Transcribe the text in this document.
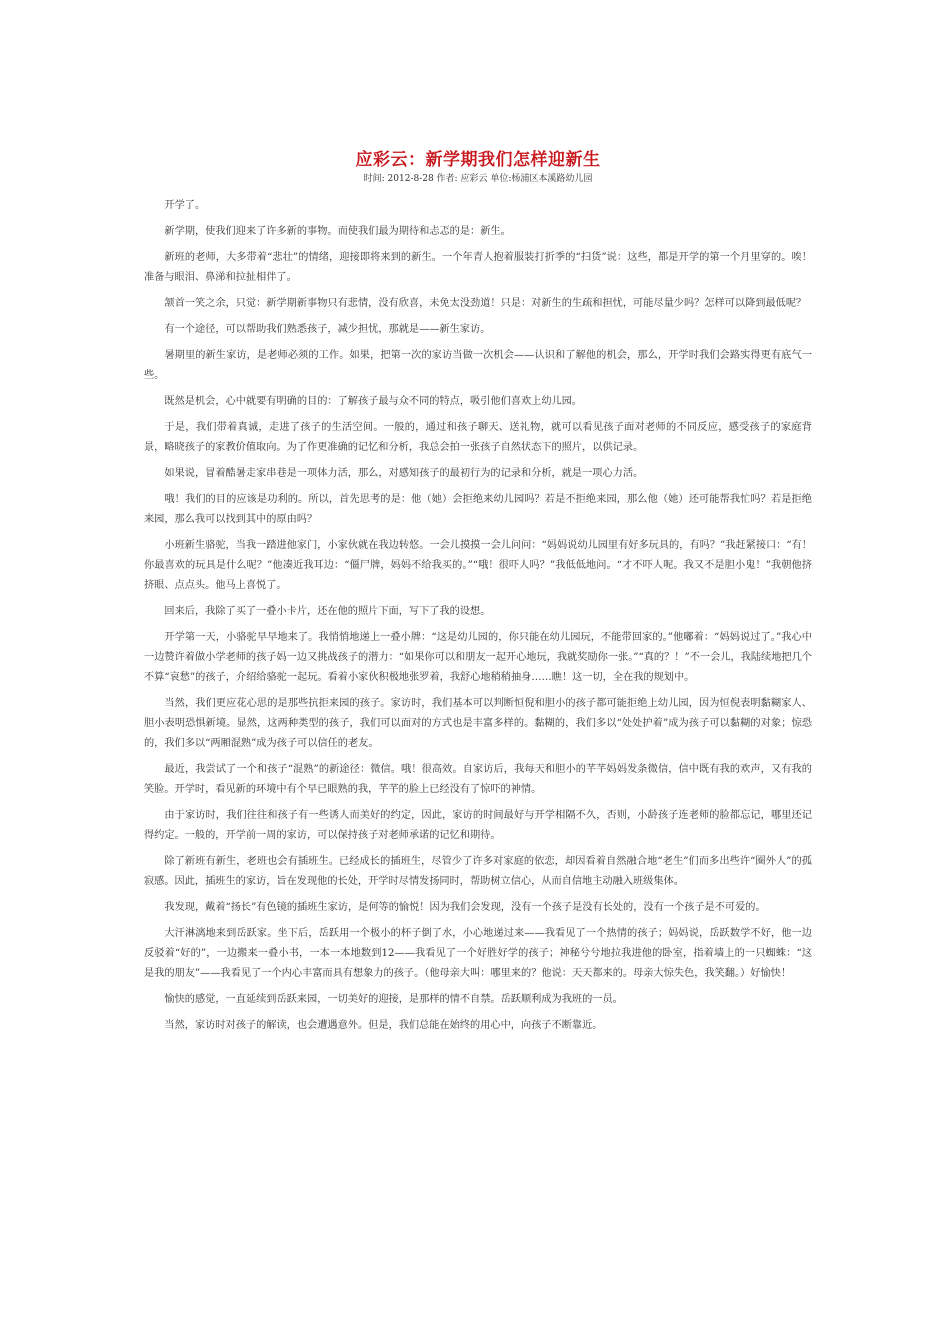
应彩云：新学期我们怎样迎新生
时间: 2012-8-28 作者: 应彩云 单位:杨浦区本溪路幼儿园

开学了。

新学期，使我们迎来了许多新的事物。而使我们最为期待和忐忑的是：新生。

新班的老师，大多带着“悲壮”的情绪，迎接即将来到的新生。一个年青人抱着服装打折季的“扫货”说：这些，都是开学的第一个月里穿的。唉！准备与眼泪、鼻涕和拉扯相伴了。

颔首一笑之余，只觉：新学期新事物只有悲情，没有欣喜，未免太没劲道！只是：对新生的生疏和担忧，可能尽量少吗？怎样可以降到最低呢？

有一个途径，可以帮助我们熟悉孩子，减少担忧，那就是——新生家访。

暑期里的新生家访，是老师必须的工作。如果，把第一次的家访当做一次机会——认识和了解他的机会，那么，开学时我们会路实得更有底气一些。

既然是机会，心中就要有明确的目的：了解孩子最与众不同的特点，吸引他们喜欢上幼儿园。

于是，我们带着真诚，走进了孩子的生活空间。一般的，通过和孩子聊天、送礼物，就可以看见孩子面对老师的不同反应，感受孩子的家庭背景，略晓孩子的家教价值取向。为了作更准确的记忆和分析，我总会拍一张孩子自然状态下的照片，以供记录。

如果说，冒着酷暑走家串巷是一项体力活，那么，对感知孩子的最初行为的记录和分析，就是一项心力活。

哦！我们的目的应该是功利的。所以，首先思考的是：他（她）会拒绝来幼儿园吗？若是不拒绝来园，那么他（她）还可能帮我忙吗？若是拒绝来园，那么我可以找到其中的原由吗？

小班新生骆驼，当我一踏进他家门，小家伙就在我边转悠。一会儿摸摸一会儿问问：“妈妈说幼儿园里有好多玩具的，有吗？”我赶紧接口：“有！你最喜欢的玩具是什么呢？”他凑近我耳边：“僵尸牌，妈妈不给我买的。”“哦！很吓人吗？”我低低地问。“才不吓人呢。我又不是胆小鬼！”我朝他挤挤眼、点点头。他马上喜悦了。

回来后，我除了买了一叠小卡片，还在他的照片下面，写下了我的设想。

开学第一天，小骆驼早早地来了。我悄悄地递上一叠小牌：“这是幼儿园的，你只能在幼儿园玩，不能带回家的。”他嘟着：“妈妈说过了。”我心中一边赞许着做小学老师的孩子妈一边又挑战孩子的潜力：“如果你可以和朋友一起开心地玩，我就奖励你一张。”“真的？！”不一会儿，我陆续地把几个不算“哀愁”的孩子，介绍给骆驼一起玩。看着小家伙积极地张罗着，我舒心地稍稍抽身……瞧！这一切，全在我的规划中。

当然，我们更应花心思的是那些抗拒来园的孩子。家访时，我们基本可以判断恒倪和胆小的孩子都可能拒绝上幼儿园，因为恒倪表明黏糊家人、胆小表明恐惧新境。显然，这两种类型的孩子，我们可以面对的方式也是丰富多样的。黏糊的，我们多以“处处护着”成为孩子可以黏糊的对象；惊恐的，我们多以“两厢混熟”成为孩子可以信任的老友。

最近，我尝试了一个和孩子“混熟”的新途径：微信。哦！很高效。自家访后，我每天和胆小的芊芊妈妈发条微信，信中既有我的欢声，又有我的笑脸。开学时，看见新的环境中有个早已眼熟的我，芊芊的脸上已经没有了惊吓的神情。

由于家访时，我们往往和孩子有一些诱人而美好的约定，因此，家访的时间最好与开学相隔不久，否则，小龄孩子连老师的脸都忘记，哪里还记得约定。一般的，开学前一周的家访，可以保持孩子对老师承诺的记忆和期待。

除了新班有新生，老班也会有插班生。已经成长的插班生，尽管少了许多对家庭的依恋，却因看着自然融合地“老生”们而多出些许“圈外人”的孤寂感。因此，插班生的家访，旨在发现他的长处，开学时尽情发扬同时，帮助树立信心，从而自信地主动融入班级集体。

我发现，戴着“扬长”有色镜的插班生家访，是何等的愉悦！因为我们会发现，没有一个孩子是没有长处的，没有一个孩子是不可爱的。

大汗淋漓地来到岳跃家。坐下后，岳跃用一个极小的杯子倒了水，小心地递过来——我看见了一个热情的孩子；妈妈说，岳跃数学不好，他一边反驳着“好的”，一边搬来一叠小书，一本一本地数到12——我看见了一个好胜好学的孩子；神秘兮兮地拉我进他的卧室，指着墙上的一只蜘蛛：“这是我的朋友”——我看见了一个内心丰富而具有想象力的孩子。（他母亲大叫：哪里来的？他说：天天都来的。母亲大惊失色，我笑翻。）好愉快！

愉快的感觉，一直延续到岳跃来园，一切美好的迎接，是那样的情不自禁。岳跃顺利成为我班的一员。

当然，家访时对孩子的解读，也会遭遇意外。但是，我们总能在始终的用心中，向孩子不断靠近。
